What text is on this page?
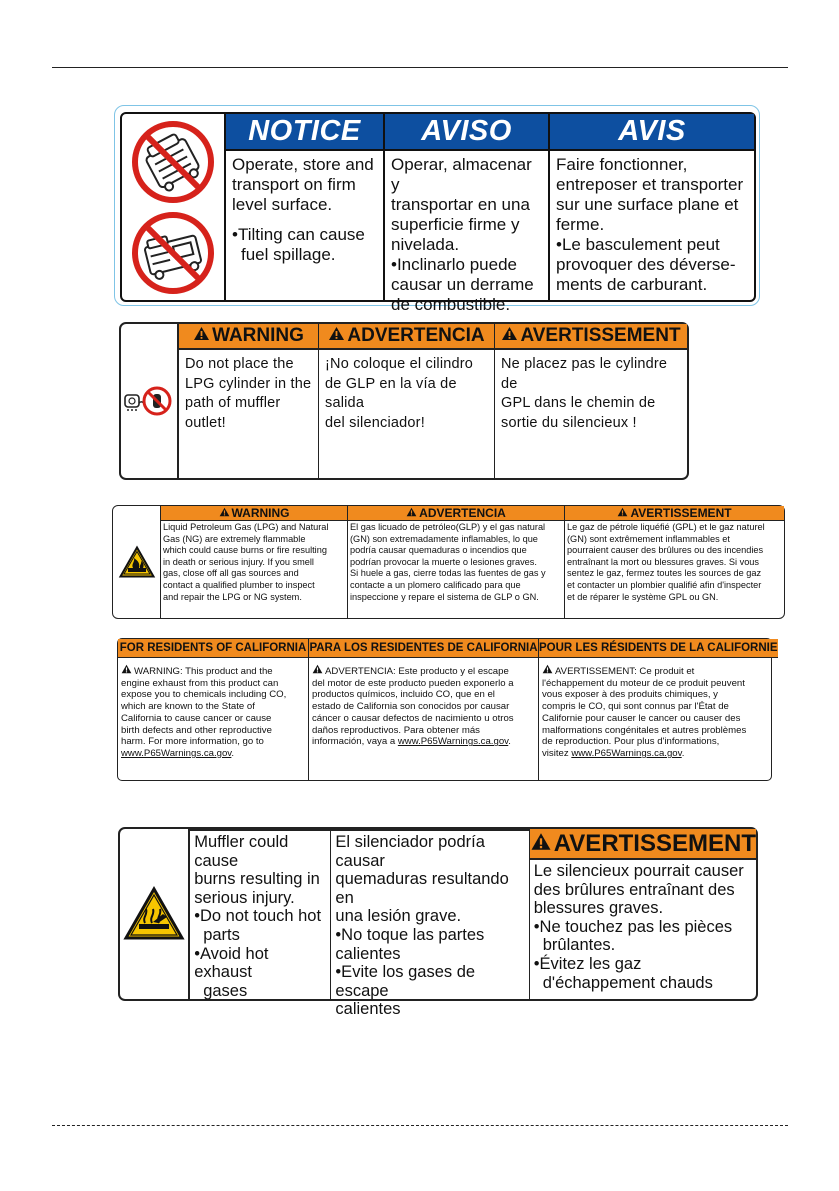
NOTICE

Operate, store and

transport on firm

level surface.

•Tilting can cause

fuel spillage.

AVISO

Operar, almacenar y

transportar en una

superficie firme y

nivelada.

•Inclinarlo puede

causar un derrame

de combustible.

AVIS

Faire fonctionner,

entreposer et transporter

sur une surface plane et

ferme.

•Le basculement peut

provoquer des déverse-

ments de carburant.

WARNING
Do not place the
LPG cylinder in the
path of muffler
outlet!
ADVERTENCIA
¡No coloque el cilindro
de GLP en la vía de salida
del silenciador!
AVERTISSEMENT
Ne placez pas le cylindre de
GPL dans le chemin de
sortie du silencieux !
WARNING
Liquid Petroleum Gas (LPG) and Natural
Gas (NG) are extremely flammable
which could cause burns or fire resulting
in death or serious injury. If you smell
gas, close off all gas sources and
contact a qualified plumber to inspect
and repair the LPG or NG system.
ADVERTENCIA
El gas licuado de petróleo(GLP) y el gas natural
(GN) son extremadamente inflamables, lo que
podría causar quemaduras o incendios que
podrían provocar la muerte o lesiones graves.
Si huele a gas, cierre todas las fuentes de gas y
contacte a un plomero calificado para que
inspeccione y repare el sistema de GLP o GN.
AVERTISSEMENT
Le gaz de pétrole liquéfié (GPL) et le gaz naturel
(GN) sont extrêmement inflammables et
pourraient causer des brûlures ou des incendies
entraînant la mort ou blessures graves. Si vous
sentez le gaz, fermez toutes les sources de gaz
et contacter un plombier qualifié afin d'inspecter
et de réparer le système GPL ou GN.
FOR RESIDENTS OF CALIFORNIA
WARNING: This product and the
engine exhaust from this product can
expose you to chemicals including CO,
which are known to the State of
California to cause cancer or cause
birth defects and other reproductive
harm. For more information, go to
www.P65Warnings.ca.gov.
PARA LOS RESIDENTES DE CALIFORNIA
ADVERTENCIA: Este producto y el escape
del motor de este producto pueden exponerlo a
productos químicos, incluido CO, que en el
estado de California son conocidos por causar
cáncer o causar defectos de nacimiento u otros
daños reproductivos. Para obtener más
información, vaya a www.P65Warnings.ca.gov.
POUR LES RÉSIDENTS DE LA CALIFORNIE
AVERTISSEMENT: Ce produit et
l'échappement du moteur de ce produit peuvent
vous exposer à des produits chimiques, y
compris le CO, qui sont connus par l'État de
Californie pour causer le cancer ou causer des
malformations congénitales et autres problèmes
de reproduction. Pour plus d'informations,
visitez www.P65Warnings.ca.gov.

Muffler could cause

burns resulting in

serious injury.

•Do not touch hot

parts

•Avoid hot exhaust

gases

El silenciador podría causar

quemaduras resultando en

una lesión grave.

•No toque las partes

calientes

•Evite los gases de escape

calientes

AVERTISSEMENT

Le silencieux pourrait causer

des brûlures entraînant des

blessures graves.

•Ne touchez pas les pièces

brûlantes.

•Évitez les gaz

d'échappement chauds
